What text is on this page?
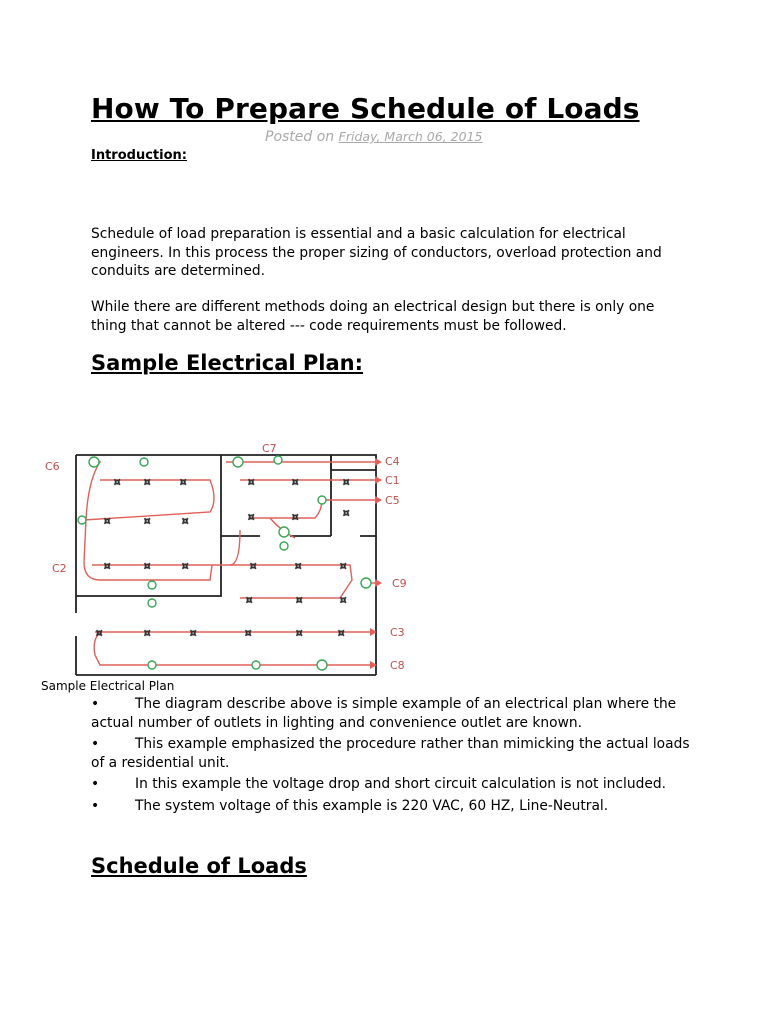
How To Prepare Schedule of Loads
Posted on Friday, March 06, 2015
Introduction:
Schedule of load preparation is essential and a basic calculation for electrical engineers. In this process the proper sizing of conductors, overload protection and conduits are determined.
While there are different methods doing an electrical design but there is only one thing that cannot be altered --- code requirements must be followed.
Sample Electrical Plan:
¤ ¤	¤
¤	¤	¤
¤	¤	¤
¤	¤	¤
¤	¤	¤
¤	¤	¤
¤	¤	¤
¤	¤	¤	¤	¤	¤
C6
C7
C4
C1
C5
C2
C9
C3
C8
Sample Electrical Plan
•	The diagram describe above is simple example of an electrical plan where the actual number of outlets in lighting and convenience outlet are known.
•	This example emphasized the procedure rather than mimicking the actual loads of a residential unit.
•	In this example the voltage drop and short circuit calculation is not included.
•	The system voltage of this example is 220 VAC, 60 HZ, Line-Neutral.
Schedule of Loads
